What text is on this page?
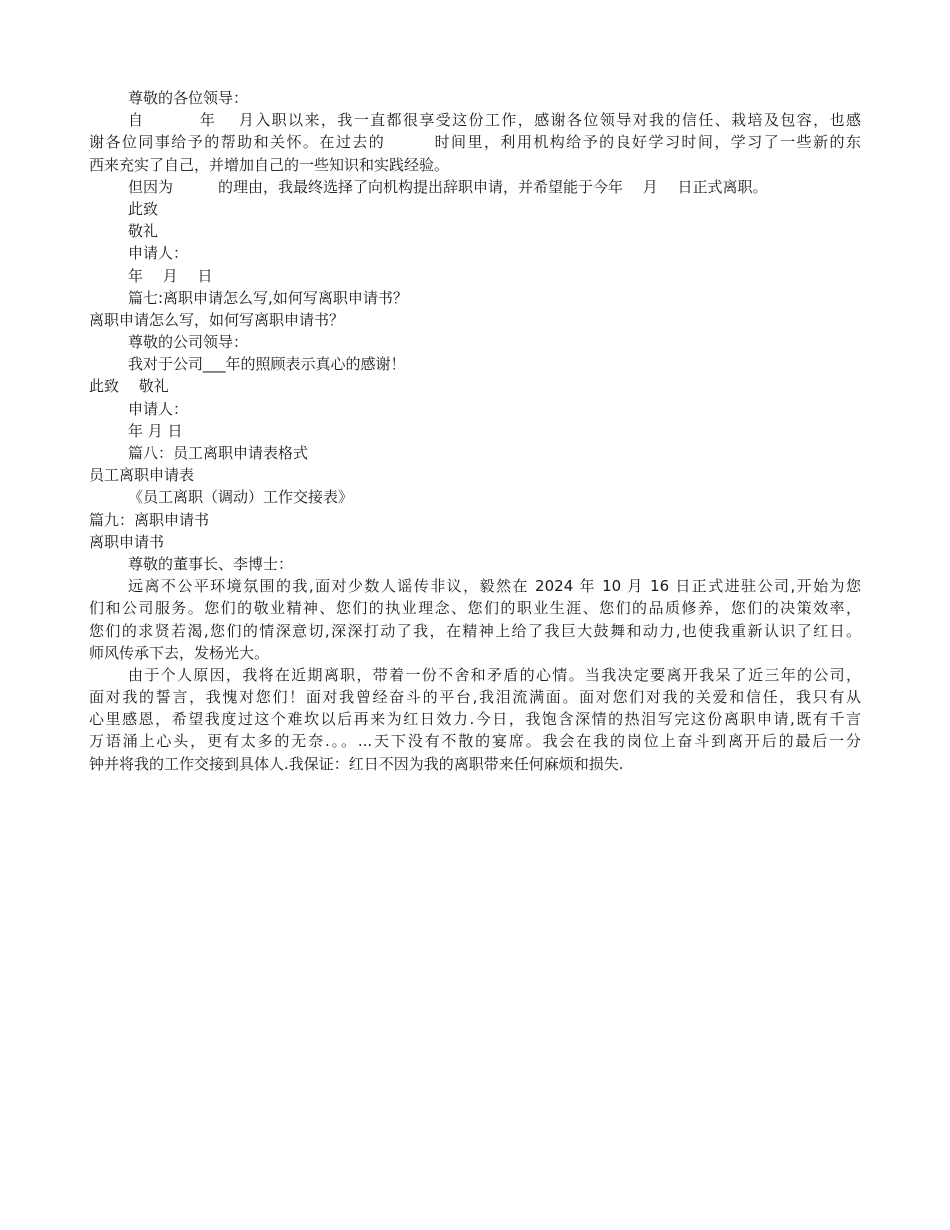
尊敬的各位领导：
自　　　 年　 月入职以来，我一直都很享受这份工作，感谢各位领导对我的信任、栽培及包容，也感
谢各位同事给予的帮助和关怀。在过去的　　　时间里，利用机构给予的良好学习时间，学习了一些新的东
西来充实了自己，并增加自己的一些知识和实践经验。
但因为　　　的理由，我最终选择了向机构提出辞职申请，并希望能于今年　 月　 日正式离职。
此致
敬礼
申请人：
年　 月　 日
篇七:离职申请怎么写,如何写离职申请书？
离职申请怎么写，如何写离职申请书？
尊敬的公司领导：
我对于公司___年的照顾表示真心的感谢！
此致　 敬礼
申请人：
年 月 日
篇八：员工离职申请表格式
员工离职申请表
《员工离职（调动）工作交接表》
篇九：离职申请书
离职申请书
尊敬的董事长、李博士：
远离不公平环境氛围的我,面对少数人谣传非议，毅然在 2024 年 10 月 16 日正式进驻公司,开始为您
们和公司服务。您们的敬业精神、您们的执业理念、您们的职业生涯、您们的品质修养，您们的决策效率，
您们的求贤若渴,您们的情深意切,深深打动了我，在精神上给了我巨大鼓舞和动力,也使我重新认识了红日。
师风传承下去，发杨光大。
由于个人原因，我将在近期离职，带着一份不舍和矛盾的心情。当我决定要离开我呆了近三年的公司，
面对我的誓言，我愧对您们！面对我曾经奋斗的平台,我泪流满面。面对您们对我的关爱和信任，我只有从
心里感恩，希望我度过这个难坎以后再来为红日效力.今日，我饱含深情的热泪写完这份离职申请,既有千言
万语涌上心头，更有太多的无奈.。。...天下没有不散的宴席。我会在我的岗位上奋斗到离开后的最后一分
钟并将我的工作交接到具体人.我保证：红日不因为我的离职带来任何麻烦和损失.
